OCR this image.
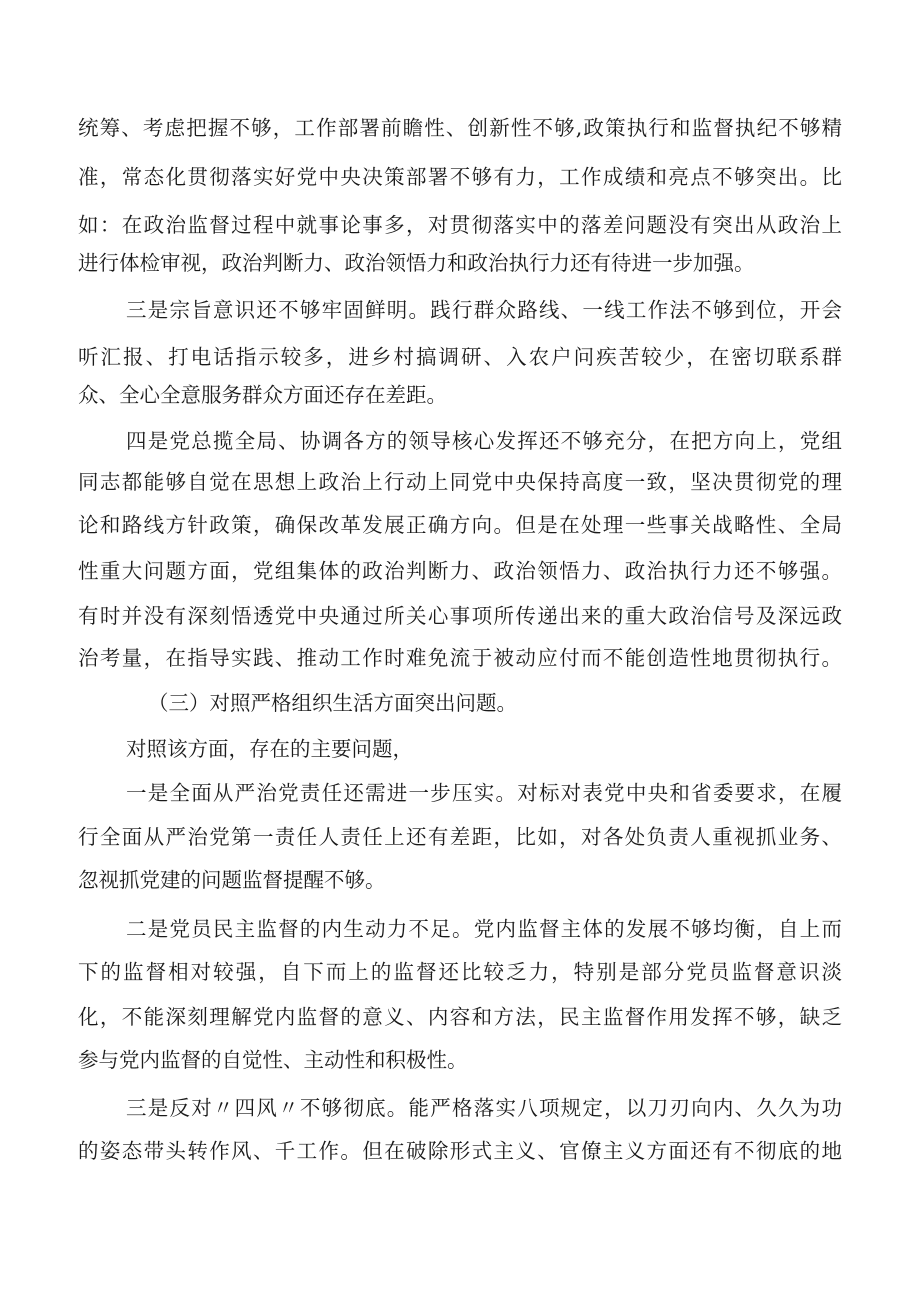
统筹、考虑把握不够，工作部署前瞻性、创新性不够,政策执行和监督执纪不够精
准，常态化贯彻落实好党中央决策部署不够有力，工作成绩和亮点不够突出。比
如：在政治监督过程中就事论事多，对贯彻落实中的落差问题没有突出从政治上
进行体检审视，政治判断力、政治领悟力和政治执行力还有待进一步加强。
三是宗旨意识还不够牢固鲜明。践行群众路线、一线工作法不够到位，开会
听汇报、打电话指示较多，进乡村搞调研、入农户问疾苦较少，在密切联系群
众、全心全意服务群众方面还存在差距。
四是党总揽全局、协调各方的领导核心发挥还不够充分，在把方向上，党组
同志都能够自觉在思想上政治上行动上同党中央保持高度一致，坚决贯彻党的理
论和路线方针政策，确保改革发展正确方向。但是在处理一些事关战略性、全局
性重大问题方面，党组集体的政治判断力、政治领悟力、政治执行力还不够强。
有时并没有深刻悟透党中央通过所关心事项所传递出来的重大政治信号及深远政
治考量，在指导实践、推动工作时难免流于被动应付而不能创造性地贯彻执行。
（三）对照严格组织生活方面突出问题。
对照该方面，存在的主要问题，
一是全面从严治党责任还需进一步压实。对标对表党中央和省委要求，在履
行全面从严治党第一责任人责任上还有差距，比如，对各处负责人重视抓业务、
忽视抓党建的问题监督提醒不够。
二是党员民主监督的内生动力不足。党内监督主体的发展不够均衡，自上而
下的监督相对较强，自下而上的监督还比较乏力，特别是部分党员监督意识淡
化，不能深刻理解党内监督的意义、内容和方法，民主监督作用发挥不够，缺乏
参与党内监督的自觉性、主动性和积极性。
三是反对〃四风〃不够彻底。能严格落实八项规定，以刀刃向内、久久为功
的姿态带头转作风、千工作。但在破除形式主义、官僚主义方面还有不彻底的地
